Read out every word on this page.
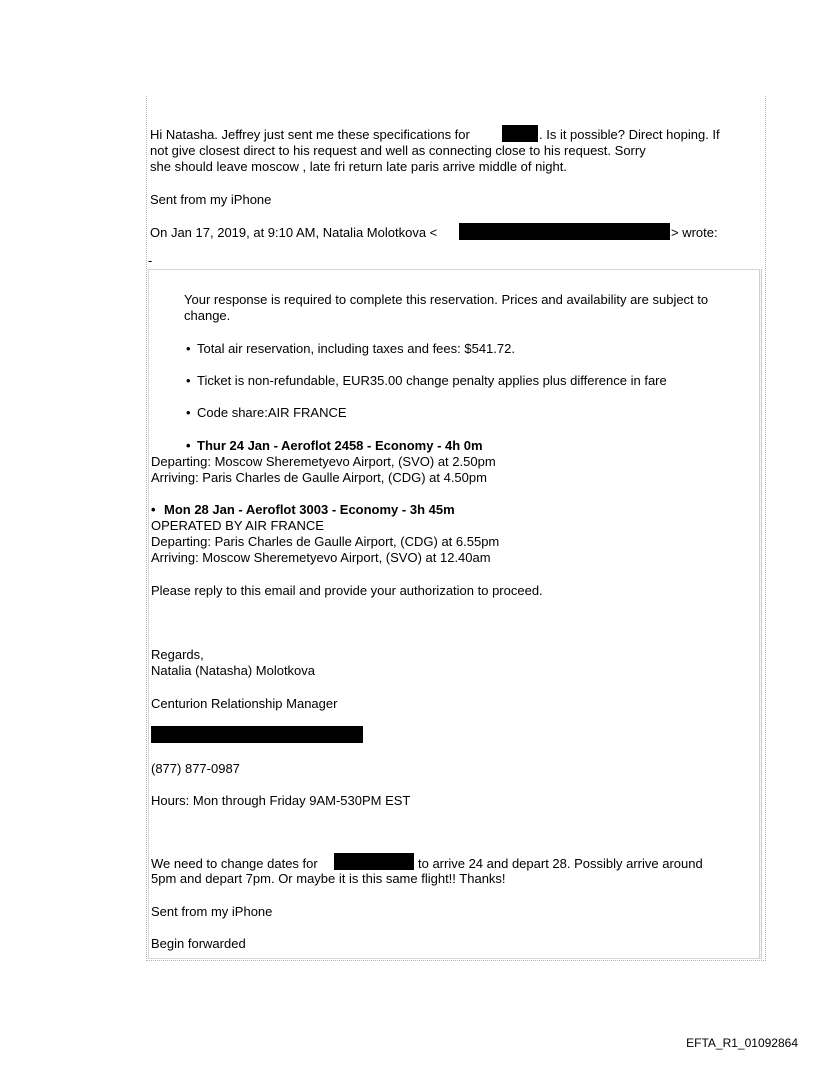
Hi Natasha. Jeffrey just sent me these specifications for	. Is it possible? Direct hoping. If
not give closest direct to his request and well as connecting close to his request. Sorry
she should leave moscow , late fri return late paris arrive middle of night.
Sent from my iPhone
On Jan 17, 2019, at 9:10 AM, Natalia Molotkova <	> wrote:
-
Your response is required to complete this reservation. Prices and availability are subject to
change.
• Total air reservation, including taxes and fees: $541.72.
• Ticket is non-refundable, EUR35.00 change penalty applies plus difference in fare
• Code share:AIR FRANCE
• Thur 24 Jan - Aeroflot 2458 - Economy - 4h 0m
Departing: Moscow Sheremetyevo Airport, (SVO) at 2.50pm
Arriving: Paris Charles de Gaulle Airport, (CDG) at 4.50pm
• Mon 28 Jan - Aeroflot 3003 - Economy - 3h 45m
OPERATED BY AIR FRANCE
Departing: Paris Charles de Gaulle Airport, (CDG) at 6.55pm
Arriving: Moscow Sheremetyevo Airport, (SVO) at 12.40am
Please reply to this email and provide your authorization to proceed.
Regards,
Natalia (Natasha) Molotkova
Centurion Relationship Manager
(877) 877-0987
Hours: Mon through Friday 9AM-530PM EST
We need to change dates for	to arrive 24 and depart 28. Possibly arrive around
5pm and depart 7pm. Or maybe it is this same flight!! Thanks!
Sent from my iPhone
Begin forwarded
EFTA_R1_01092864
